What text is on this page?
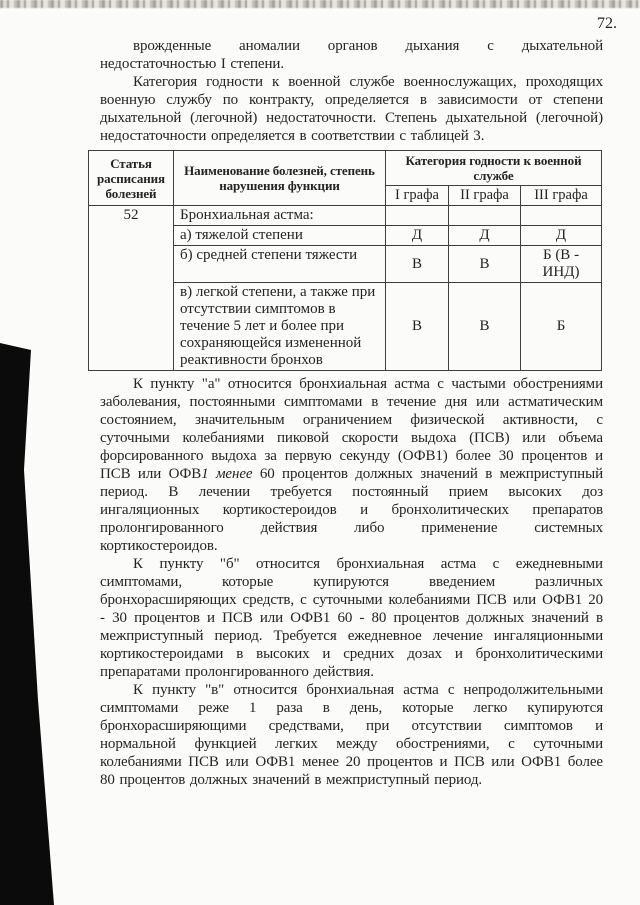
72.
врожденные аномалии органов дыхания с дыхательной
недостаточностью I степени.
Категория годности к военной службе военнослужащих, проходящих
военную службу по контракту, определяется в зависимости от степени
дыхательной (легочной) недостаточности. Степень дыхательной (легочной)
недостаточности определяется в соответствии с таблицей 3.
Статья расписания болезней	Наименование болезней, степень нарушения функции	Категория годности к военной службе		
		I графа	II графа	III графа
52	Бронхиальная астма:			
	а) тяжелой степени	Д	Д	Д
	б) средней степени тяжести	В	В	Б (В - ИНД)
	в) легкой степени, а также при отсутствии симптомов в течение 5 лет и более при сохраняющейся измененной реактивности бронхов	В	В	Б
К пункту "а" относится бронхиальная астма с частыми обострениями
заболевания, постоянными симптомами в течение дня или астматическим
состоянием, значительным ограничением физической активности, с
суточными колебаниями пиковой скорости выдоха (ПСВ) или объема
форсированного выдоха за первую секунду (ОФВ1) более 30 процентов и
ПСВ или ОФВ1 менее 60 процентов должных значений в межприступный
период. В лечении требуется постоянный прием высоких доз
ингаляционных кортикостероидов и бронхолитических препаратов
пролонгированного действия либо применение системных
кортикостероидов.
К пункту "б" относится бронхиальная астма с ежедневными
симптомами, которые купируются введением различных
бронхорасширяющих средств, с суточными колебаниями ПСВ или ОФВ1 20
- 30 процентов и ПСВ или ОФВ1 60 - 80 процентов должных значений в
межприступный период. Требуется ежедневное лечение ингаляционными
кортикостероидами в высоких и средних дозах и бронхолитическими
препаратами пролонгированного действия.
К пункту "в" относится бронхиальная астма с непродолжительными
симптомами реже 1 раза в день, которые легко купируются
бронхорасширяющими средствами, при отсутствии симптомов и
нормальной функцией легких между обострениями, с суточными
колебаниями ПСВ или ОФВ1 менее 20 процентов и ПСВ или ОФВ1 более
80 процентов должных значений в межприступный период.
